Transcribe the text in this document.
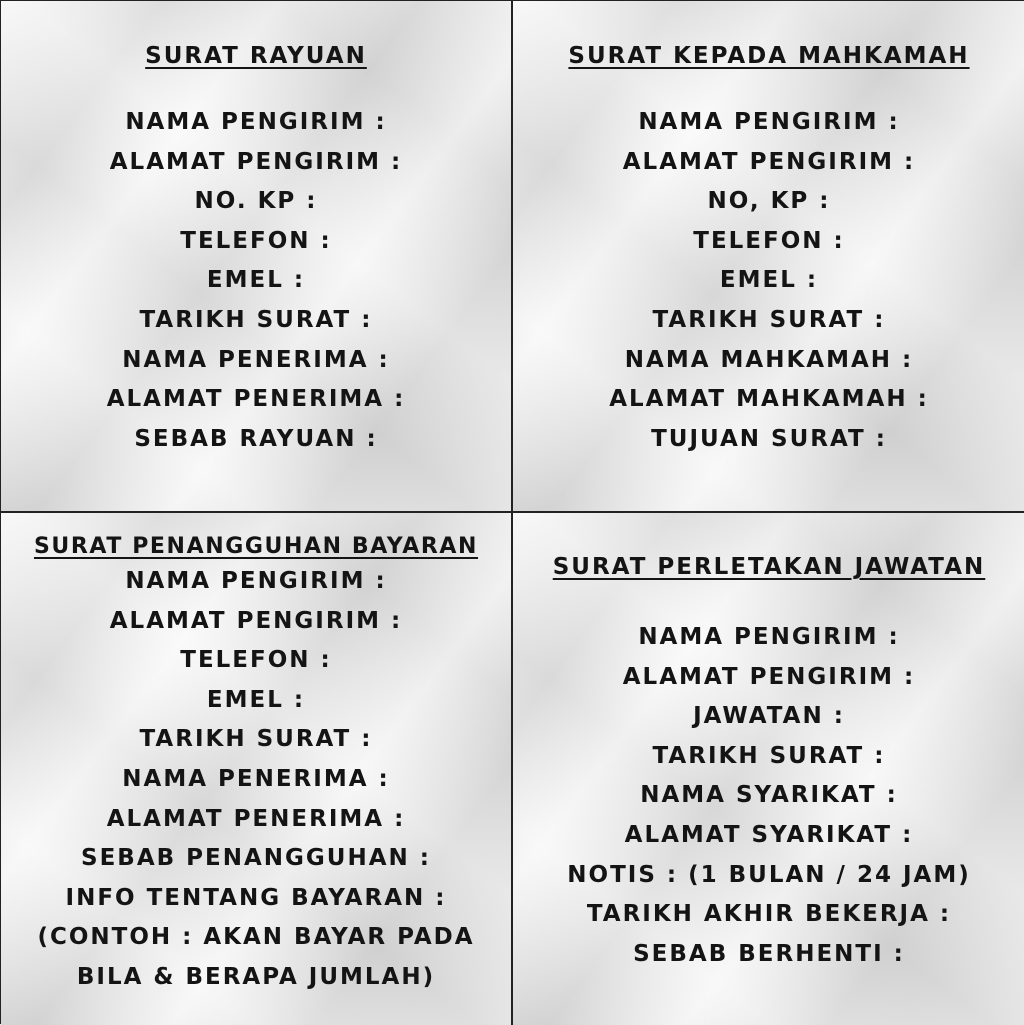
SURAT RAYUAN
NAMA PENGIRIM :
ALAMAT PENGIRIM :
NO. KP :
TELEFON :
EMEL :
TARIKH SURAT :
NAMA PENERIMA :
ALAMAT PENERIMA :
SEBAB RAYUAN :
SURAT KEPADA MAHKAMAH
NAMA PENGIRIM :
ALAMAT PENGIRIM :
NO, KP :
TELEFON :
EMEL :
TARIKH SURAT :
NAMA MAHKAMAH :
ALAMAT MAHKAMAH :
TUJUAN SURAT :
SURAT PENANGGUHAN BAYARAN
NAMA PENGIRIM :
ALAMAT PENGIRIM :
TELEFON :
EMEL :
TARIKH SURAT :
NAMA PENERIMA :
ALAMAT PENERIMA :
SEBAB PENANGGUHAN :
INFO TENTANG BAYARAN :
(CONTOH : AKAN BAYAR PADA
BILA & BERAPA JUMLAH)
SURAT PERLETAKAN JAWATAN
NAMA PENGIRIM :
ALAMAT PENGIRIM :
JAWATAN :
TARIKH SURAT :
NAMA SYARIKAT :
ALAMAT SYARIKAT :
NOTIS : (1 BULAN / 24 JAM)
TARIKH AKHIR BEKERJA :
SEBAB BERHENTI :
